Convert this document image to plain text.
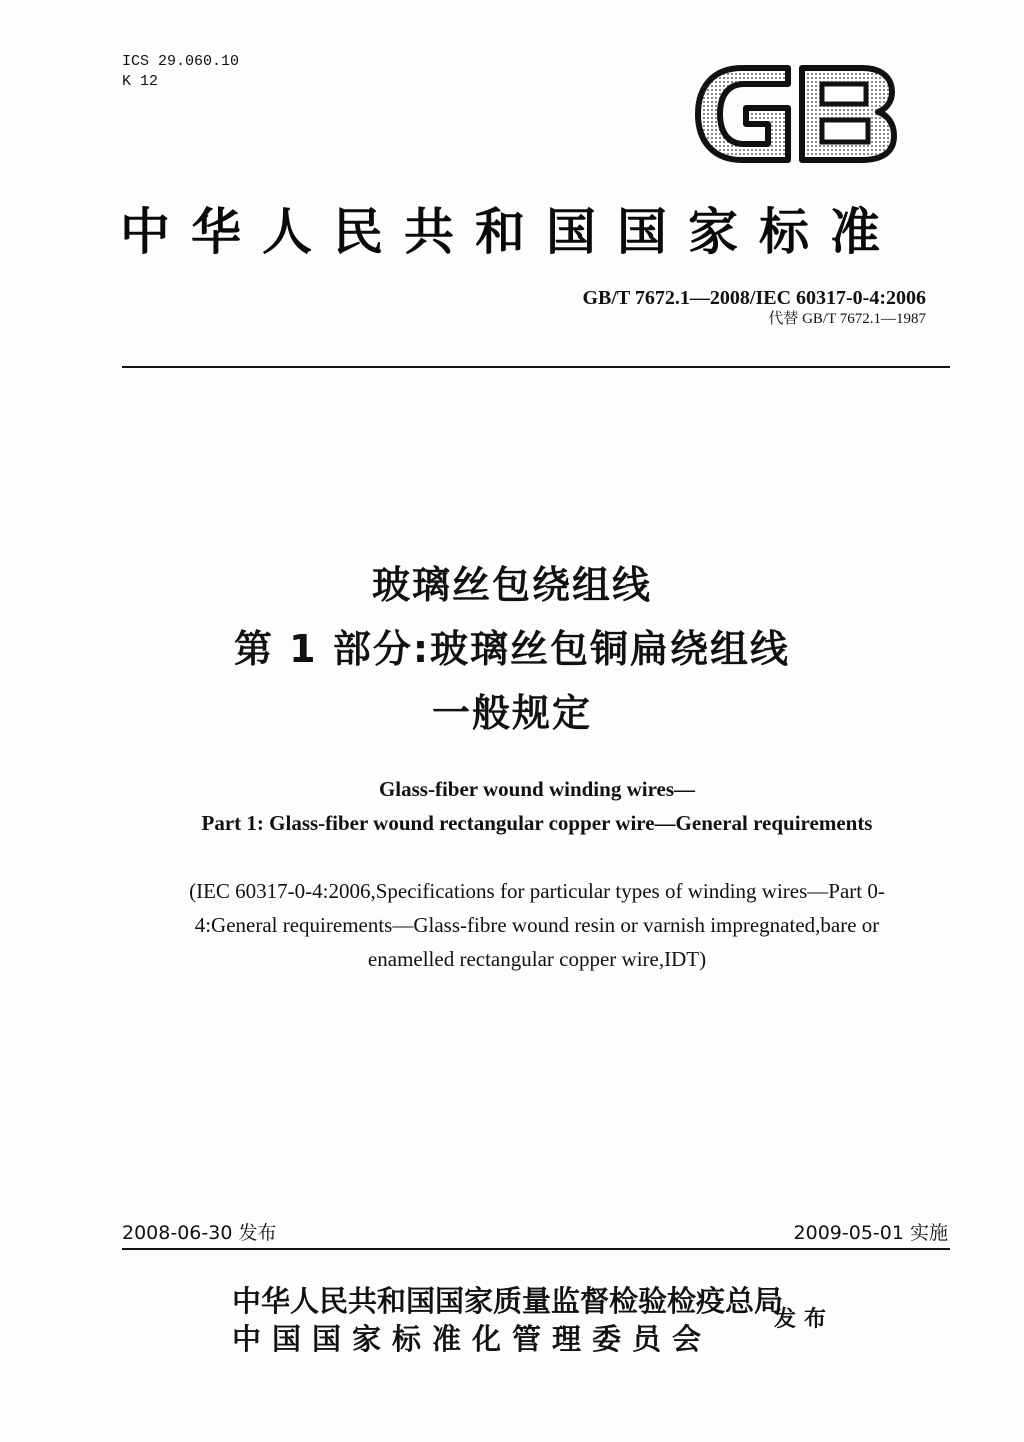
ICS 29.060.10
K 12
中华人民共和国国家标准
GB/T 7672.1—2008/IEC 60317-0-4:2006
代替 GB/T 7672.1—1987
玻璃丝包绕组线
第 1 部分:玻璃丝包铜扁绕组线
一般规定
Glass-fiber wound winding wires—
Part 1: Glass-fiber wound rectangular copper wire—General requirements
(IEC 60317-0-4:2006,Specifications for particular types of winding wires—Part 0-4:General requirements—Glass-fibre wound resin or varnish impregnated,bare or enamelled rectangular copper wire,IDT)
2008-06-30 发布	2009-05-01 实施
中华人民共和国国家质量监督检验检疫总局
中国国家标准化管理委员会
发布
